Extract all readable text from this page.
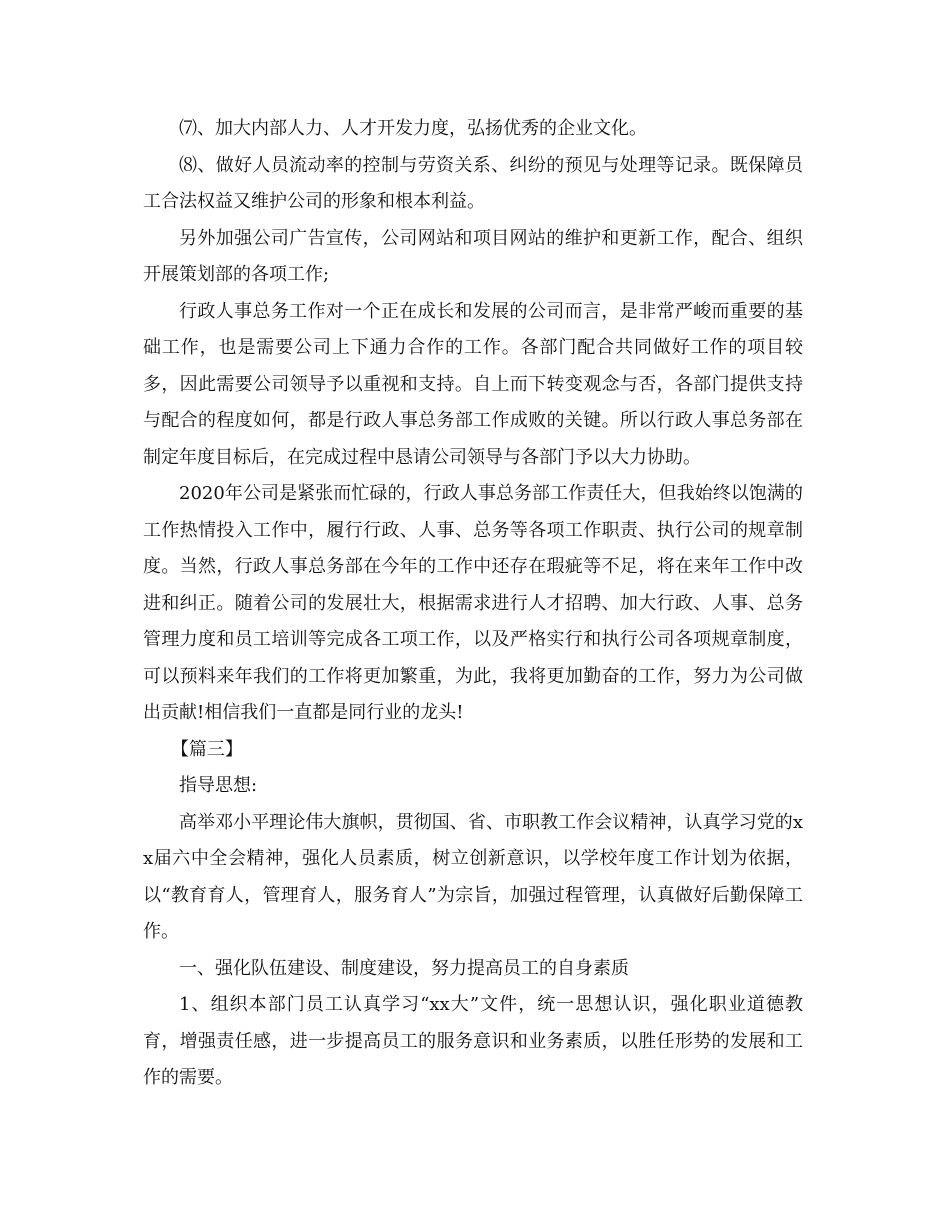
⑺、加大内部人力、人才开发力度，弘扬优秀的企业文化。

⑻、做好人员流动率的控制与劳资关系、纠纷的预见与处理等记录。既保障员工合法权益又维护公司的形象和根本利益。

另外加强公司广告宣传，公司网站和项目网站的维护和更新工作，配合、组织开展策划部的各项工作;

行政人事总务工作对一个正在成长和发展的公司而言，是非常严峻而重要的基础工作，也是需要公司上下通力合作的工作。各部门配合共同做好工作的项目较多，因此需要公司领导予以重视和支持。自上而下转变观念与否，各部门提供支持与配合的程度如何，都是行政人事总务部工作成败的关键。所以行政人事总务部在制定年度目标后，在完成过程中恳请公司领导与各部门予以大力协助。

2020年公司是紧张而忙碌的，行政人事总务部工作责任大，但我始终以饱满的工作热情投入工作中，履行行政、人事、总务等各项工作职责、执行公司的规章制度。当然，行政人事总务部在今年的工作中还存在瑕疵等不足，将在来年工作中改进和纠正。随着公司的发展壮大，根据需求进行人才招聘、加大行政、人事、总务管理力度和员工培训等完成各工项工作，以及严格实行和执行公司各项规章制度，可以预料来年我们的工作将更加繁重，为此，我将更加勤奋的工作，努力为公司做出贡献!相信我们一直都是同行业的龙头!

【篇三】

指导思想:

高举邓小平理论伟大旗帜，贯彻国、省、市职教工作会议精神，认真学习党的xx届六中全会精神，强化人员素质，树立创新意识，以学校年度工作计划为依据，以“教育育人，管理育人，服务育人”为宗旨，加强过程管理，认真做好后勤保障工作。

一、强化队伍建设、制度建设，努力提高员工的自身素质

1、组织本部门员工认真学习“xx大”文件，统一思想认识，强化职业道德教育，增强责任感，进一步提高员工的服务意识和业务素质，以胜任形势的发展和工作的需要。
